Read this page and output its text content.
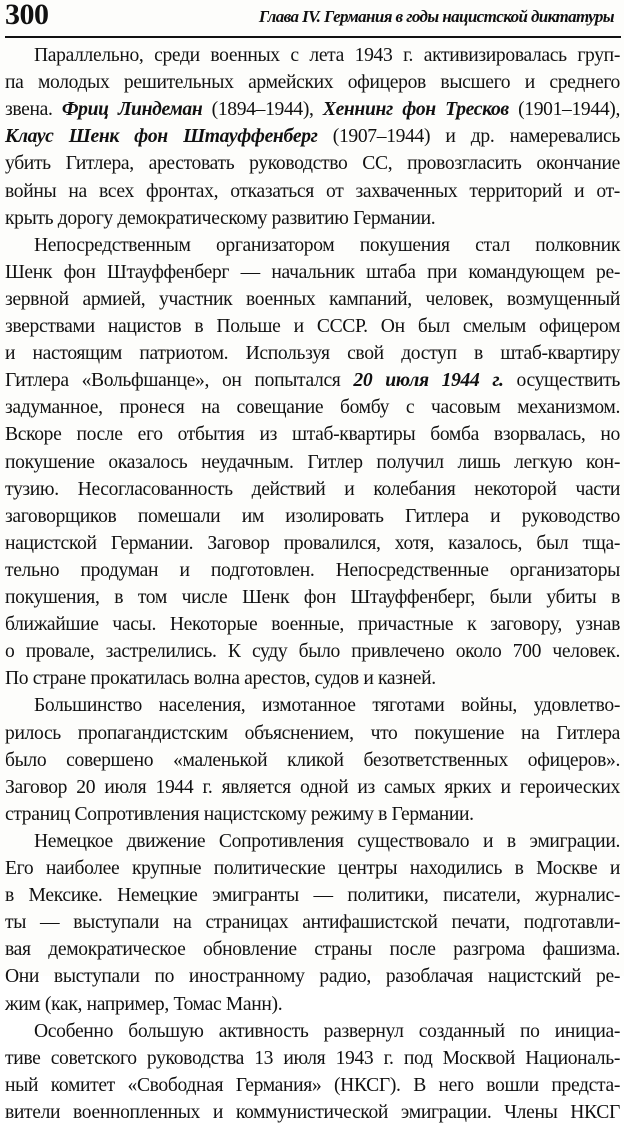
300	Глава IV. Германия в годы нацистской диктатуры
Параллельно, среди военных с лета 1943 г. активизировалась груп-
па молодых решительных армейских офицеров высшего и среднего
звена. Фриц Линдеман (1894–1944), Хеннинг фон Тресков (1901–1944),
Клаус Шенк фон Штауффенберг (1907–1944) и др. намеревались
убить Гитлера, арестовать руководство СС, провозгласить окончание
войны на всех фронтах, отказаться от захваченных территорий и от-
крыть дорогу демократическому развитию Германии.
Непосредственным организатором покушения стал полковник
Шенк фон Штауффенберг — начальник штаба при командующем ре-
зервной армией, участник военных кампаний, человек, возмущенный
зверствами нацистов в Польше и СССР. Он был смелым офицером
и настоящим патриотом. Используя свой доступ в штаб-квартиру
Гитлера «Вольфшанце», он попытался 20 июля 1944 г. осуществить
задуманное, пронеся на совещание бомбу с часовым механизмом.
Вскоре после его отбытия из штаб-квартиры бомба взорвалась, но
покушение оказалось неудачным. Гитлер получил лишь легкую кон-
тузию. Несогласованность действий и колебания некоторой части
заговорщиков помешали им изолировать Гитлера и руководство
нацистской Германии. Заговор провалился, хотя, казалось, был тща-
тельно продуман и подготовлен. Непосредственные организаторы
покушения, в том числе Шенк фон Штауффенберг, были убиты в
ближайшие часы. Некоторые военные, причастные к заговору, узнав
о провале, застрелились. К суду было привлечено около 700 человек.
По стране прокатилась волна арестов, судов и казней.
Большинство населения, измотанное тяготами войны, удовлетво-
рилось пропагандистским объяснением, что покушение на Гитлера
было совершено «маленькой кликой безответственных офицеров».
Заговор 20 июля 1944 г. является одной из самых ярких и героических
страниц Сопротивления нацистскому режиму в Германии.
Немецкое движение Сопротивления существовало и в эмиграции.
Его наиболее крупные политические центры находились в Москве и
в Мексике. Немецкие эмигранты — политики, писатели, журналис-
ты — выступали на страницах антифашистской печати, подготавли-
вая демократическое обновление страны после разгрома фашизма.
Они выступали по иностранному радио, разоблачая нацистский ре-
жим (как, например, Томас Манн).
Особенно большую активность развернул созданный по инициа-
тиве советского руководства 13 июля 1943 г. под Москвой Националь-
ный комитет «Свободная Германия» (НКСГ). В него вошли предста-
вители военнопленных и коммунистической эмиграции. Члены НКСГ
